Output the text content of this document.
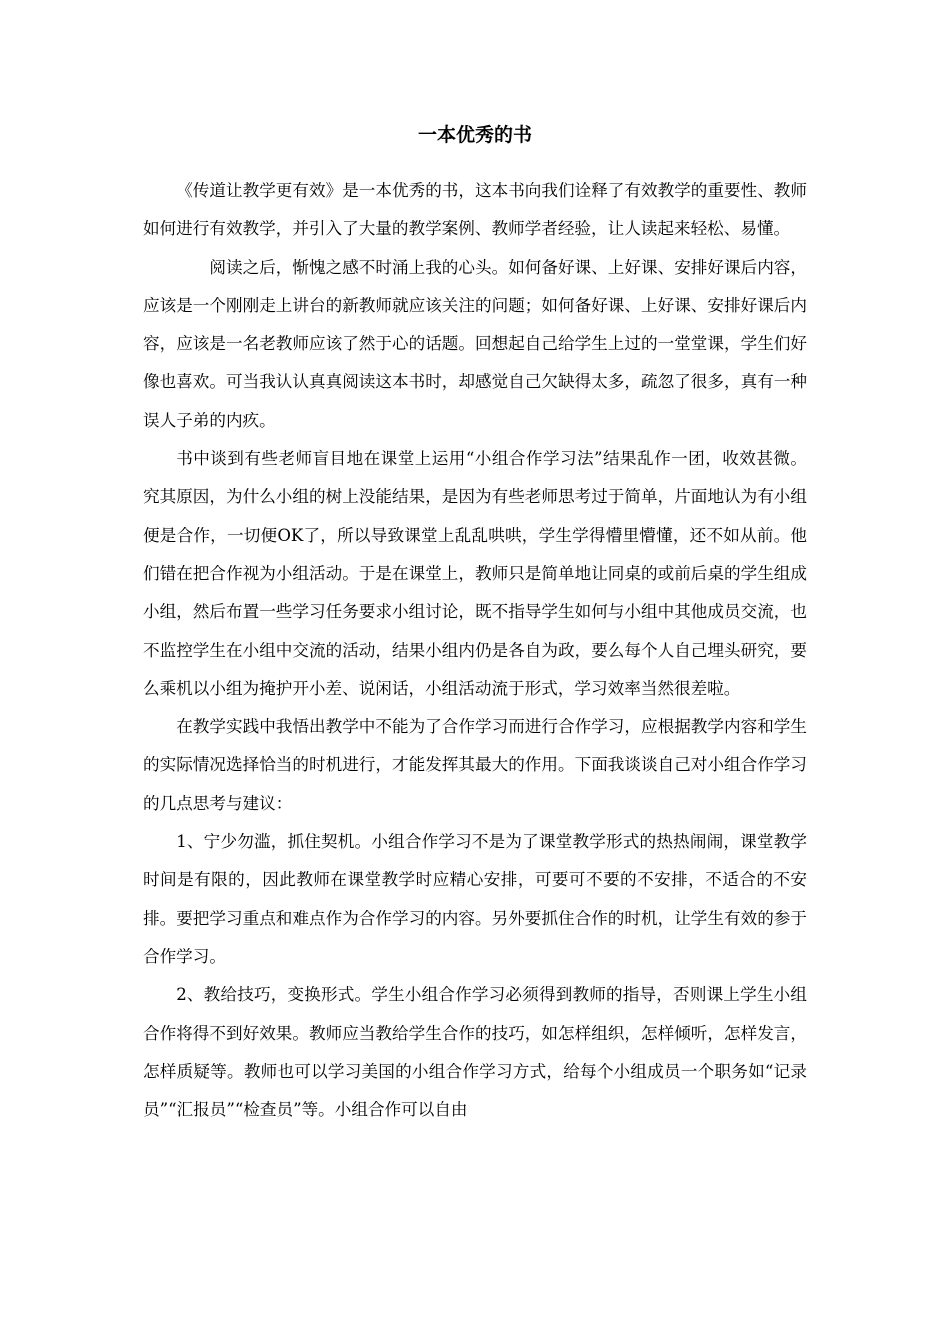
一本优秀的书

《传道让教学更有效》是一本优秀的书，这本书向我们诠释了有效教学的重要性、教师如何进行有效教学，并引入了大量的教学案例、教师学者经验，让人读起来轻松、易懂。

阅读之后，惭愧之感不时涌上我的心头。如何备好课、上好课、安排好课后内容，应该是一个刚刚走上讲台的新教师就应该关注的问题；如何备好课、上好课、安排好课后内容，应该是一名老教师应该了然于心的话题。回想起自己给学生上过的一堂堂课，学生们好像也喜欢。可当我认认真真阅读这本书时，却感觉自己欠缺得太多，疏忽了很多，真有一种误人子弟的内疚。

书中谈到有些老师盲目地在课堂上运用“小组合作学习法”结果乱作一团，收效甚微。究其原因，为什么小组的树上没能结果，是因为有些老师思考过于简单，片面地认为有小组便是合作，一切便OK了，所以导致课堂上乱乱哄哄，学生学得懵里懵懂，还不如从前。他们错在把合作视为小组活动。于是在课堂上，教师只是简单地让同桌的或前后桌的学生组成小组，然后布置一些学习任务要求小组讨论，既不指导学生如何与小组中其他成员交流，也不监控学生在小组中交流的活动，结果小组内仍是各自为政，要么每个人自己埋头研究，要么乘机以小组为掩护开小差、说闲话，小组活动流于形式，学习效率当然很差啦。

在教学实践中我悟出教学中不能为了合作学习而进行合作学习，应根据教学内容和学生的实际情况选择恰当的时机进行，才能发挥其最大的作用。下面我谈谈自己对小组合作学习的几点思考与建议：

1、宁少勿滥，抓住契机。小组合作学习不是为了课堂教学形式的热热闹闹，课堂教学时间是有限的，因此教师在课堂教学时应精心安排，可要可不要的不安排，不适合的不安排。要把学习重点和难点作为合作学习的内容。另外要抓住合作的时机，让学生有效的参于合作学习。

2、教给技巧，变换形式。学生小组合作学习必须得到教师的指导，否则课上学生小组合作将得不到好效果。教师应当教给学生合作的技巧，如怎样组织，怎样倾听，怎样发言，怎样质疑等。教师也可以学习美国的小组合作学习方式，给每个小组成员一个职务如“记录员”“汇报员”“检查员”等。小组合作可以自由
